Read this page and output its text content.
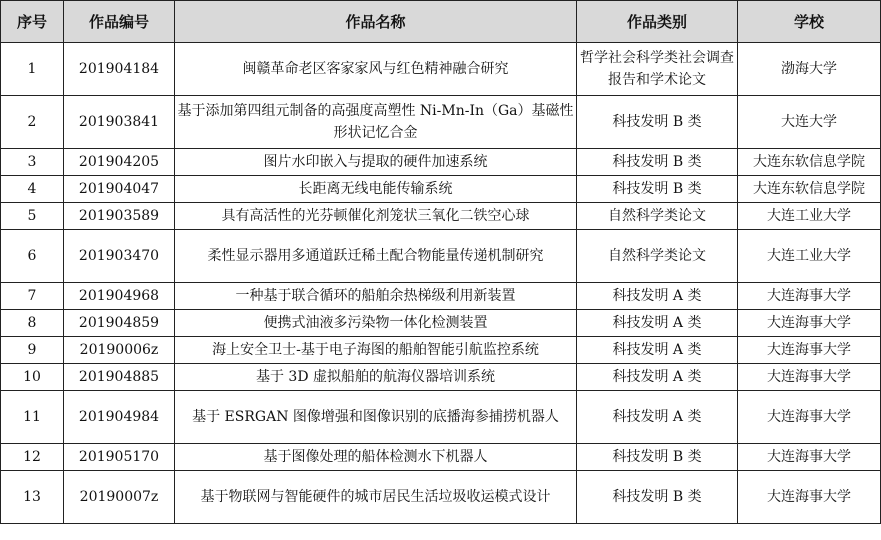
序号	作品编号	作品名称	作品类别	学校
1	201904184	闽赣革命老区客家家风与红色精神融合研究	哲学社会科学类社会调查报告和学术论文	渤海大学
2	201903841	基于添加第四组元制备的高强度高塑性 Ni-Mn-In（Ga）基磁性形状记忆合金	科技发明 B 类	大连大学
3	201904205	图片水印嵌入与提取的硬件加速系统	科技发明 B 类	大连东软信息学院
4	201904047	长距离无线电能传输系统	科技发明 B 类	大连东软信息学院
5	201903589	具有高活性的光芬顿催化剂笼状三氧化二铁空心球	自然科学类论文	大连工业大学
6	201903470	柔性显示器用多通道跃迁稀土配合物能量传递机制研究	自然科学类论文	大连工业大学
7	201904968	一种基于联合循环的船舶余热梯级利用新装置	科技发明 A 类	大连海事大学
8	201904859	便携式油液多污染物一体化检测装置	科技发明 A 类	大连海事大学
9	20190006z	海上安全卫士-基于电子海图的船舶智能引航监控系统	科技发明 A 类	大连海事大学
10	201904885	基于 3D 虚拟船舶的航海仪器培训系统	科技发明 A 类	大连海事大学
11	201904984	基于 ESRGAN 图像增强和图像识别的底播海参捕捞机器人	科技发明 A 类	大连海事大学
12	201905170	基于图像处理的船体检测水下机器人	科技发明 B 类	大连海事大学
13	20190007z	基于物联网与智能硬件的城市居民生活垃圾收运模式设计	科技发明 B 类	大连海事大学
